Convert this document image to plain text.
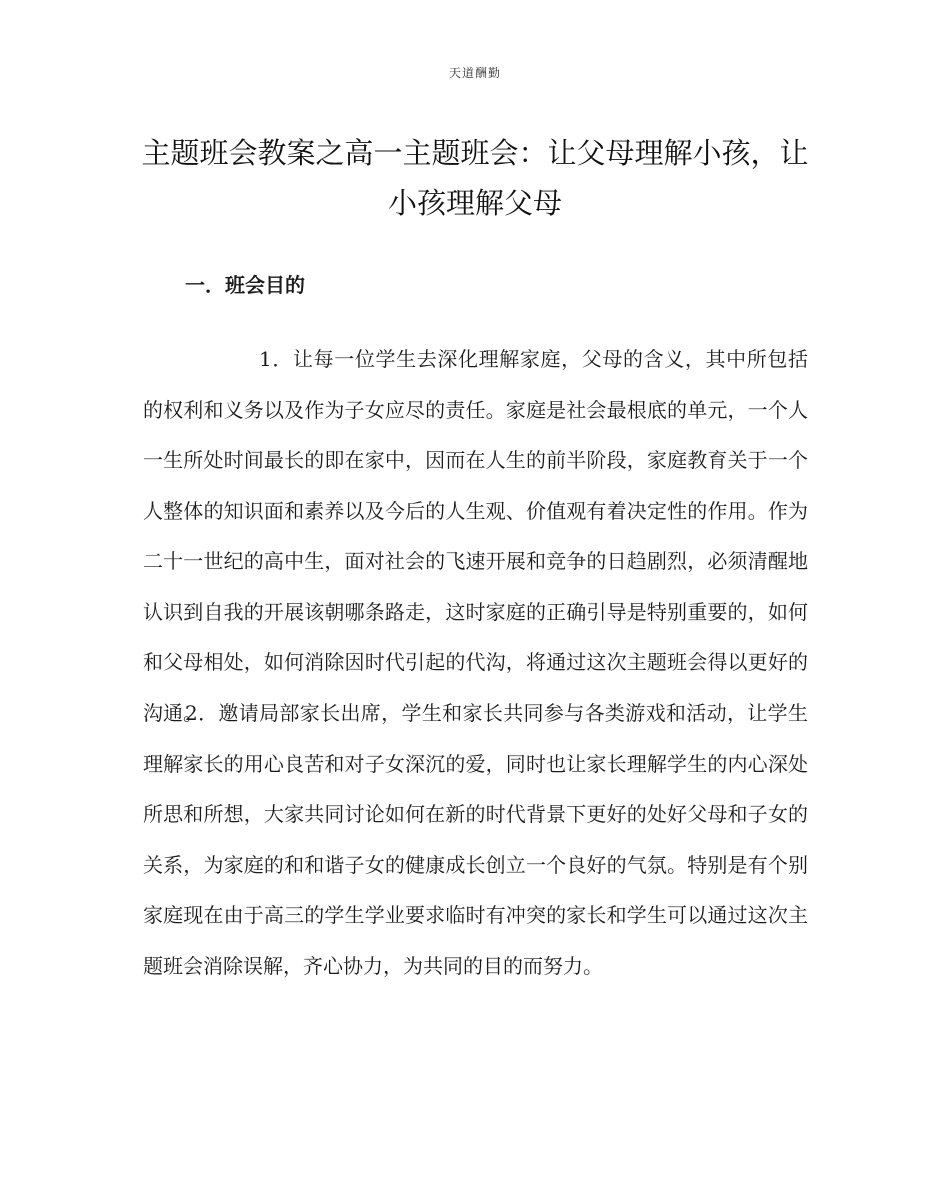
天道酬勤
主题班会教案之高一主题班会：让父母理解小孩，让
小孩理解父母
一．班会目的

1．让每一位学生去深化理解家庭，父母的含义，其中所包括的权利和义务以及作为子女应尽的责任。家庭是社会最根底的单元，一个人一生所处时间最长的即在家中，因而在人生的前半阶段，家庭教育关于一个人整体的知识面和素养以及今后的人生观、价值观有着决定性的作用。作为二十一世纪的高中生，面对社会的飞速开展和竞争的日趋剧烈，必须清醒地认识到自我的开展该朝哪条路走，这时家庭的正确引导是特别重要的，如何和父母相处，如何消除因时代引起的代沟，将通过这次主题班会得以更好的沟通。

2．邀请局部家长出席，学生和家长共同参与各类游戏和活动，让学生理解家长的用心良苦和对子女深沉的爱，同时也让家长理解学生的内心深处所思和所想，大家共同讨论如何在新的时代背景下更好的处好父母和子女的关系，为家庭的和和谐子女的健康成长创立一个良好的气氛。特别是有个别家庭现在由于高三的学生学业要求临时有冲突的家长和学生可以通过这次主题班会消除误解，齐心协力，为共同的目的而努力。
